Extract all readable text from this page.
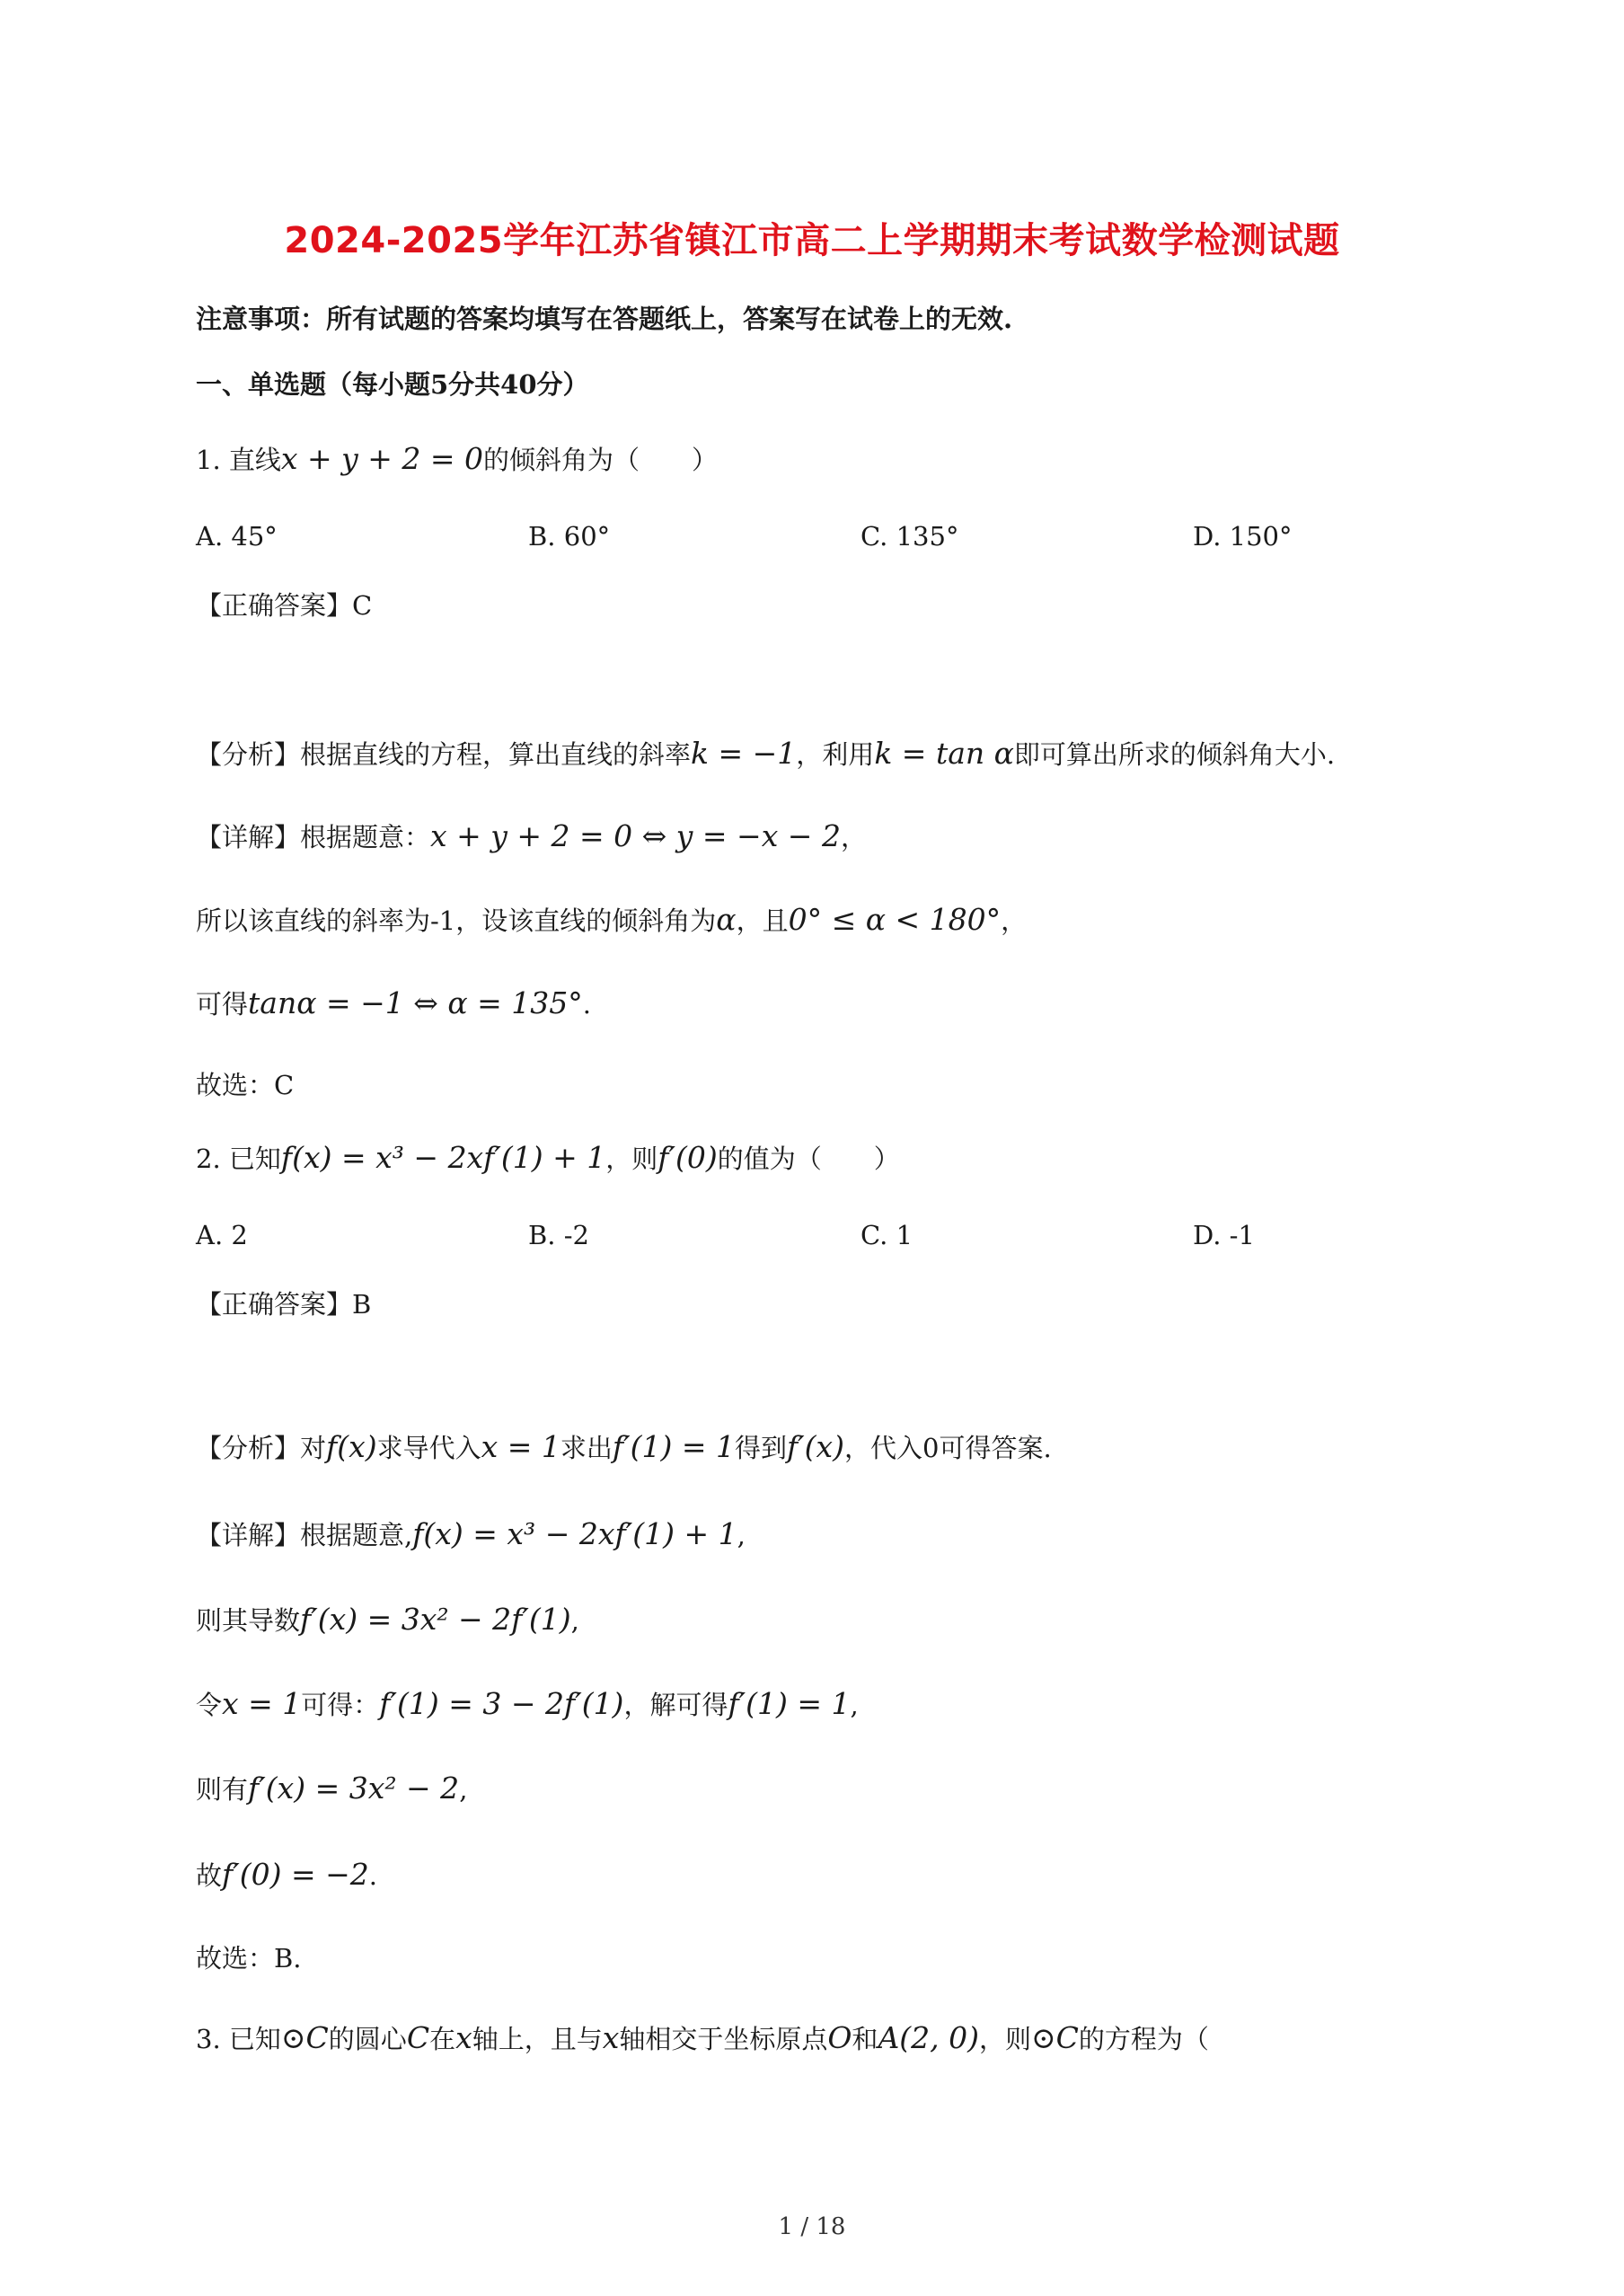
2024-2025学年江苏省镇江市高二上学期期末考试数学检测试题

注意事项：所有试题的答案均填写在答题纸上，答案写在试卷上的无效.

一、单选题（每小题5分共40分）

1. 直线x + y + 2 = 0的倾斜角为（　　）

A. 45°	B. 60°	C. 135°	D. 150°

【正确答案】C

【分析】根据直线的方程，算出直线的斜率k = −1，利用k = tan α即可算出所求的倾斜角大小.

【详解】根据题意：x + y + 2 = 0 ⇔ y = −x − 2，

所以该直线的斜率为-1，设该直线的倾斜角为α，且0° ≤ α < 180°，

可得tanα = −1 ⇔ α = 135°.

故选：C

2. 已知f(x) = x³ − 2xf′(1) + 1，则f′(0)的值为（　　）

A. 2	B. -2	C. 1	D. -1

【正确答案】B

【分析】对f(x)求导代入x = 1求出f′(1) = 1得到f′(x)，代入0可得答案.

【详解】根据题意,f(x) = x³ − 2xf′(1) + 1,

则其导数f′(x) = 3x² − 2f′(1),

令x = 1可得：f′(1) = 3 − 2f′(1)，解可得f′(1) = 1,

则有f′(x) = 3x² − 2,

故f′(0) = −2.

故选：B.

3. 已知⊙C的圆心C在x轴上，且与x轴相交于坐标原点O和A(2, 0)，则⊙C的方程为（

1 / 18
